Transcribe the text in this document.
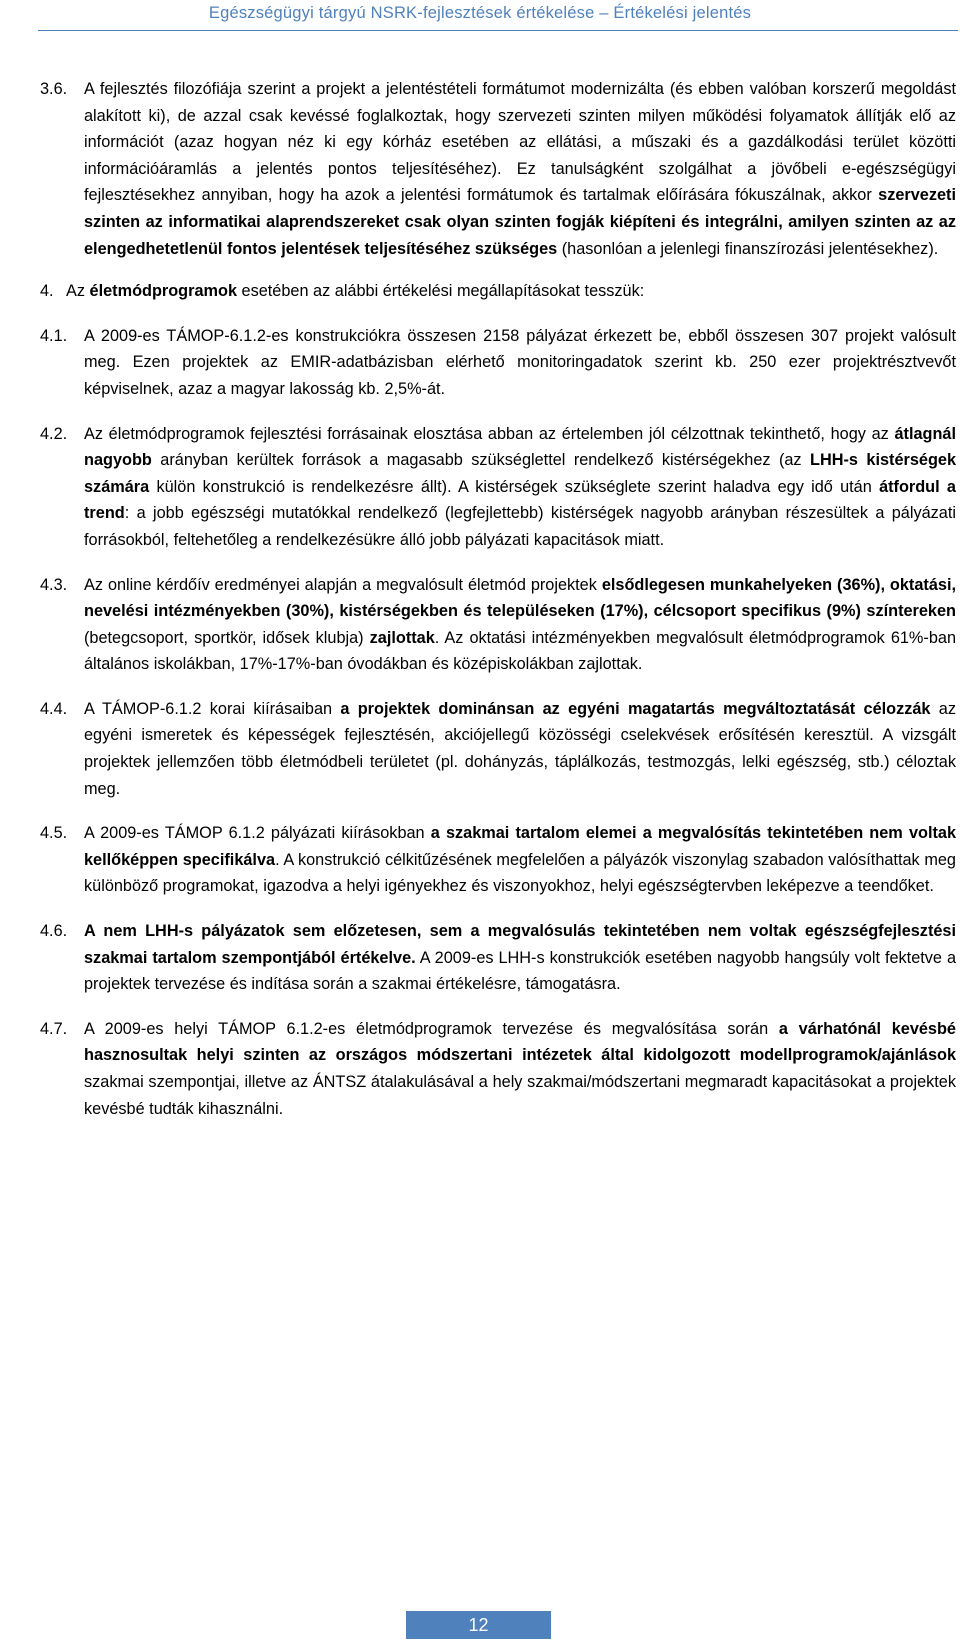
Egészségügyi tárgyú NSRK-fejlesztések értékelése – Értékelési jelentés
3.6.	A fejlesztés filozófiája szerint a projekt a jelentéstételi formátumot modernizálta (és ebben valóban korszerű megoldást alakított ki), de azzal csak kevéssé foglalkoztak, hogy szervezeti szinten milyen működési folyamatok állítják elő az információt (azaz hogyan néz ki egy kórház esetében az ellátási, a műszaki és a gazdálkodási terület közötti információáramlás a jelentés pontos teljesítéséhez). Ez tanulságként szolgálhat a jövőbeli e-egészségügyi fejlesztésekhez annyiban, hogy ha azok a jelentési formátumok és tartalmak előírására fókuszálnak, akkor szervezeti szinten az informatikai alaprendszereket csak olyan szinten fogják kiépíteni és integrálni, amilyen szinten az az elengedhetetlenül fontos jelentések teljesítéséhez szükséges (hasonlóan a jelenlegi finanszírozási jelentésekhez).
4. Az életmódprogramok esetében az alábbi értékelési megállapításokat tesszük:
4.1.	A 2009-es TÁMOP-6.1.2-es konstrukciókra összesen 2158 pályázat érkezett be, ebből összesen 307 projekt valósult meg. Ezen projektek az EMIR-adatbázisban elérhető monitoringadatok szerint kb. 250 ezer projektrésztvevőt képviselnek, azaz a magyar lakosság kb. 2,5%-át.
4.2.	Az életmódprogramok fejlesztési forrásainak elosztása abban az értelemben jól célzottnak tekinthető, hogy az átlagnál nagyobb arányban kerültek források a magasabb szükséglettel rendelkező kistérségekhez (az LHH-s kistérségek számára külön konstrukció is rendelkezésre állt). A kistérségek szükséglete szerint haladva egy idő után átfordul a trend: a jobb egészségi mutatókkal rendelkező (legfejlettebb) kistérségek nagyobb arányban részesültek a pályázati forrásokból, feltehetőleg a rendelkezésükre álló jobb pályázati kapacitások miatt.
4.3.	Az online kérdőív eredményei alapján a megvalósult életmód projektek elsődlegesen munkahelyeken (36%), oktatási, nevelési intézményekben (30%), kistérségekben és településeken (17%), célcsoport specifikus (9%) színtereken (betegcsoport, sportkör, idősek klubja) zajlottak. Az oktatási intézményekben megvalósult életmódprogramok 61%-ban általános iskolákban, 17%-17%-ban óvodákban és középiskolákban zajlottak.
4.4.	A TÁMOP-6.1.2 korai kiírásaiban a projektek dominánsan az egyéni magatartás megváltoztatását célozzák az egyéni ismeretek és képességek fejlesztésén, akciójellegű közösségi cselekvések erősítésén keresztül. A vizsgált projektek jellemzően több életmódbeli területet (pl. dohányzás, táplálkozás, testmozgás, lelki egészség, stb.) céloztak meg.
4.5.	A 2009-es TÁMOP 6.1.2 pályázati kiírásokban a szakmai tartalom elemei a megvalósítás tekintetében nem voltak kellőképpen specifikálva. A konstrukció célkitűzésének megfelelően a pályázók viszonylag szabadon valósíthattak meg különböző programokat, igazodva a helyi igényekhez és viszonyokhoz, helyi egészségtervben leképezve a teendőket.
4.6.	A nem LHH-s pályázatok sem előzetesen, sem a megvalósulás tekintetében nem voltak egészségfejlesztési szakmai tartalom szempontjából értékelve. A 2009-es LHH-s konstrukciók esetében nagyobb hangsúly volt fektetve a projektek tervezése és indítása során a szakmai értékelésre, támogatásra.
4.7.	A 2009-es helyi TÁMOP 6.1.2-es életmódprogramok tervezése és megvalósítása során a várhatónál kevésbé hasznosultak helyi szinten az országos módszertani intézetek által kidolgozott modellprogramok/ajánlások szakmai szempontjai, illetve az ÁNTSZ átalakulásával a hely szakmai/módszertani megmaradt kapacitásokat a projektek kevésbé tudták kihasználni.
12
